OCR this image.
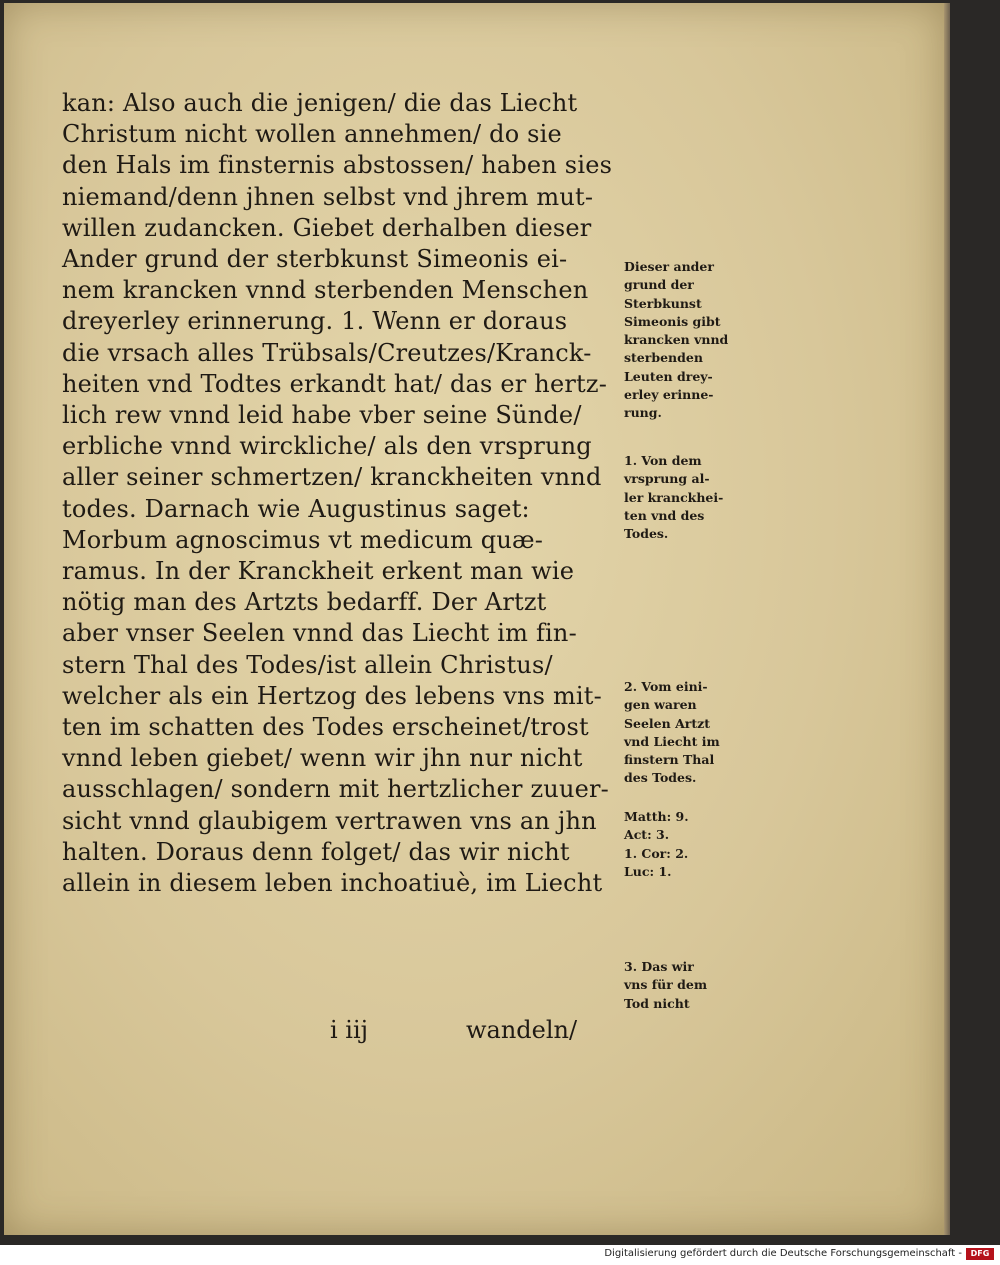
kan: Also auch die jenigen/ die das Liecht
Christum nicht wollen annehmen/ do sie
den Hals im finsternis abstossen/ haben sies
niemand/denn jhnen selbst vnd jhrem mut-
willen zudancken. Giebet derhalben dieser
Ander grund der sterbkunst Simeonis ei-
nem krancken vnnd sterbenden Menschen
dreyerley erinnerung. 1. Wenn er doraus
die vrsach alles Trübsals/Creutzes/Kranck-
heiten vnd Todtes erkandt hat/ das er hertz-
lich rew vnnd leid habe vber seine Sünde/
erbliche vnnd wirckliche/ als den vrsprung
aller seiner schmertzen/ kranckheiten vnnd
todes. Darnach wie Augustinus saget:
Morbum agnoscimus vt medicum quæ-
ramus. In der Kranckheit erkent man wie
nötig man des Artzts bedarff. Der Artzt
aber vnser Seelen vnnd das Liecht im fin-
stern Thal des Todes/ist allein Christus/
welcher als ein Hertzog des lebens vns mit-
ten im schatten des Todes erscheinet/trost
vnnd leben giebet/ wenn wir jhn nur nicht
ausschlagen/ sondern mit hertzlicher zuuer-
sicht vnnd glaubigem vertrawen vns an jhn
halten. Doraus denn folget/ das wir nicht
allein in diesem leben inchoatiuè, im Liecht
Dieser ander
grund der
Sterbkunst
Simeonis gibt
krancken vnnd
sterbenden
Leuten drey-
erley erinne-
rung.
1. Von dem
vrsprung al-
ler kranckhei-
ten vnd des
Todes.
2. Vom eini-
gen waren
Seelen Artzt
vnd Liecht im
finstern Thal
des Todes.
Matth: 9.
Act: 3.
1. Cor: 2.
Luc: 1.
3. Das wir
vns für dem
Tod nicht
i iij	wandeln/
Digitalisierung gefördert durch die Deutsche Forschungsgemeinschaft -	DFG
